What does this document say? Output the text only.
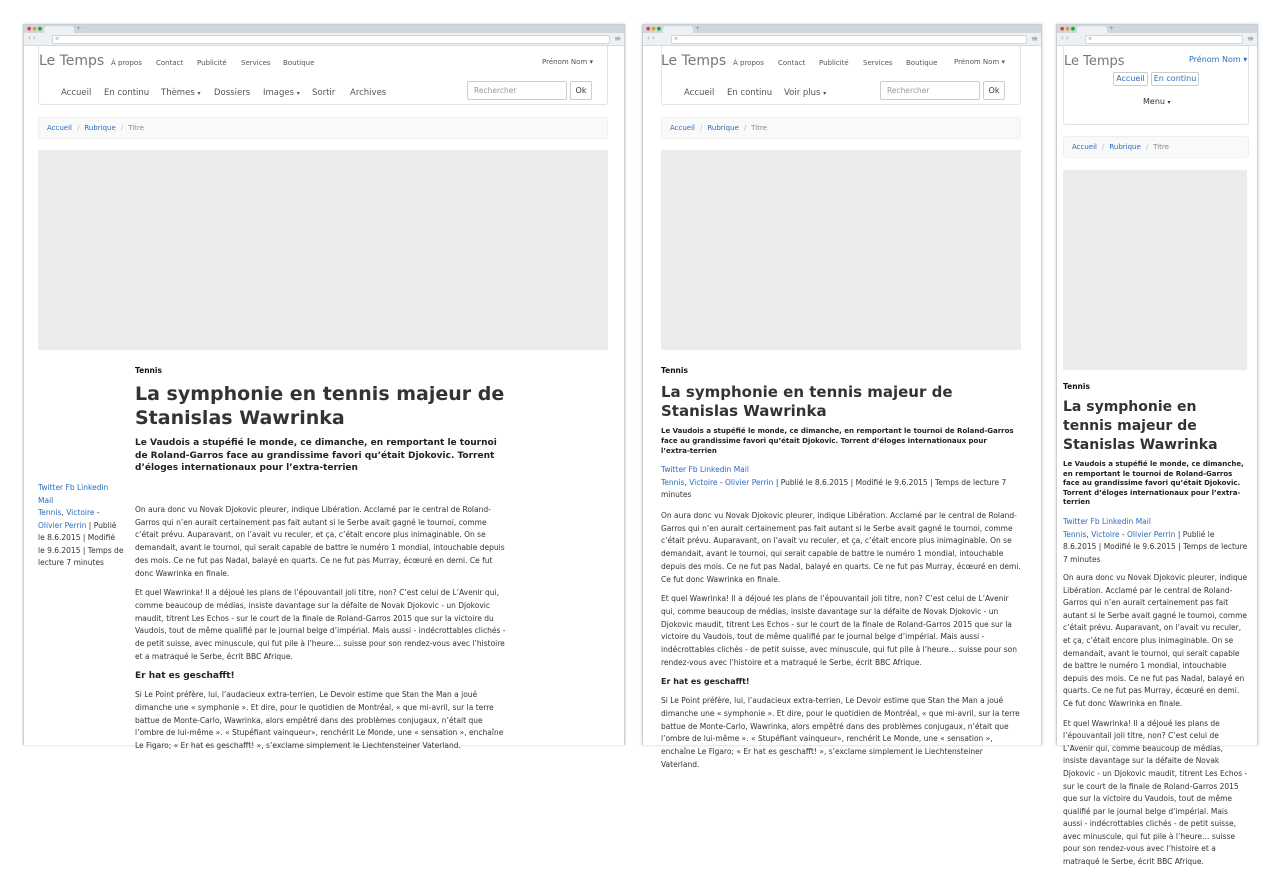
●●●	+
‹ ›	≡	≡
Le Temps À propos Contact Publicité Services Boutique	Prénom Nom ▾
Accueil En continu Thèmes ▾ Dossiers Images ▾ Sortir Archives	Rechercher	Ok
Accueil / Rubrique / Titre
Tennis
La symphonie en tennis majeur de Stanislas Wawrinka
Le Vaudois a stupéfié le monde, ce dimanche, en remportant le tournoi de Roland-Garros face au grandissime favori qu’était Djokovic. Torrent d’éloges internationaux pour l’extra-terrien
Twitter Fb Linkedin Mail
Tennis, Victoire - Olivier Perrin | Publié le 8.6.2015 | Modifié le 9.6.2015 | Temps de lecture 7 minutes

On aura donc vu Novak Djokovic pleurer, indique Libération. Acclamé par le central de Roland-Garros qui n’en aurait certainement pas fait autant si le Serbe avait gagné le tournoi, comme c’était prévu. Auparavant, on l’avait vu reculer, et ça, c’était encore plus inimaginable. On se demandait, avant le tournoi, qui serait capable de battre le numéro 1 mondial, intouchable depuis des mois. Ce ne fut pas Nadal, balayé en quarts. Ce ne fut pas Murray, écœuré en demi. Ce fut donc Wawrinka en finale.

Et quel Wawrinka! Il a déjoué les plans de l’épouvantail joli titre, non? C’est celui de L’Avenir qui, comme beaucoup de médias, insiste davantage sur la défaite de Novak Djokovic - un Djokovic maudit, titrent Les Echos - sur le court de la finale de Roland-Garros 2015 que sur la victoire du Vaudois, tout de même qualifié par le journal belge d’impérial. Mais aussi - indécrottables clichés - de petit suisse, avec minuscule, qui fut pile à l’heure… suisse pour son rendez-vous avec l’histoire et a matraqué le Serbe, écrit BBC Afrique.

Er hat es geschafft!

Si Le Point préfère, lui, l’audacieux extra-terrien, Le Devoir estime que Stan the Man a joué dimanche une « symphonie ». Et dire, pour le quotidien de Montréal, « que mi-avril, sur la terre battue de Monte-Carlo, Wawrinka, alors empêtré dans des problèmes conjugaux, n’était que l’ombre de lui-même ». « Stupéfiant vainqueur», renchérit Le Monde, une « sensation », enchaîne Le Figaro; « Er hat es geschafft! », s’exclame simplement le Liechtensteiner Vaterland.

●●●	+
‹ ›	≡	≡
Le Temps À propos Contact Publicité Services Boutique Prénom Nom ▾
Accueil En continu Voir plus ▾	Rechercher	Ok
Accueil / Rubrique / Titre
Tennis
La symphonie en tennis majeur de Stanislas Wawrinka
Le Vaudois a stupéfié le monde, ce dimanche, en remportant le tournoi de Roland-Garros face au grandissime favori qu’était Djokovic. Torrent d’éloges internationaux pour l’extra-terrien
Twitter Fb Linkedin Mail
Tennis, Victoire - Olivier Perrin | Publié le 8.6.2015 | Modifié le 9.6.2015 | Temps de lecture 7 minutes

On aura donc vu Novak Djokovic pleurer, indique Libération. Acclamé par le central de Roland-Garros qui n’en aurait certainement pas fait autant si le Serbe avait gagné le tournoi, comme c’était prévu. Auparavant, on l’avait vu reculer, et ça, c’était encore plus inimaginable. On se demandait, avant le tournoi, qui serait capable de battre le numéro 1 mondial, intouchable depuis des mois. Ce ne fut pas Nadal, balayé en quarts. Ce ne fut pas Murray, écœuré en demi. Ce fut donc Wawrinka en finale.

Et quel Wawrinka! Il a déjoué les plans de l’épouvantail joli titre, non? C’est celui de L’Avenir qui, comme beaucoup de médias, insiste davantage sur la défaite de Novak Djokovic - un Djokovic maudit, titrent Les Echos - sur le court de la finale de Roland-Garros 2015 que sur la victoire du Vaudois, tout de même qualifié par le journal belge d’impérial. Mais aussi - indécrottables clichés - de petit suisse, avec minuscule, qui fut pile à l’heure… suisse pour son rendez-vous avec l’histoire et a matraqué le Serbe, écrit BBC Afrique.

Er hat es geschafft!

Si Le Point préfère, lui, l’audacieux extra-terrien, Le Devoir estime que Stan the Man a joué dimanche une « symphonie ». Et dire, pour le quotidien de Montréal, « que mi-avril, sur la terre battue de Monte-Carlo, Wawrinka, alors empêtré dans des problèmes conjugaux, n’était que l’ombre de lui-même ». « Stupéfiant vainqueur», renchérit Le Monde, une « sensation », enchaîne Le Figaro; « Er hat es geschafft! », s’exclame simplement le Liechtensteiner Vaterland.

●●●	+
‹ ›	≡	≡
Le Temps	Prénom Nom ▾
Accueil	En continu
Menu ▾
Accueil / Rubrique / Titre
Tennis
La symphonie en tennis majeur de Stanislas Wawrinka
Le Vaudois a stupéfié le monde, ce dimanche, en remportant le tournoi de Roland-Garros face au grandissime favori qu’était Djokovic. Torrent d’éloges internationaux pour l’extra-terrien
Twitter Fb Linkedin Mail
Tennis, Victoire - Olivier Perrin | Publié le 8.6.2015 | Modifié le 9.6.2015 | Temps de lecture 7 minutes

On aura donc vu Novak Djokovic pleurer, indique Libération. Acclamé par le central de Roland-Garros qui n’en aurait certainement pas fait autant si le Serbe avait gagné le tournoi, comme c’était prévu. Auparavant, on l’avait vu reculer, et ça, c’était encore plus inimaginable. On se demandait, avant le tournoi, qui serait capable de battre le numéro 1 mondial, intouchable depuis des mois. Ce ne fut pas Nadal, balayé en quarts. Ce ne fut pas Murray, écœuré en demi. Ce fut donc Wawrinka en finale.

Et quel Wawrinka! Il a déjoué les plans de l’épouvantail joli titre, non? C’est celui de L’Avenir qui, comme beaucoup de médias, insiste davantage sur la défaite de Novak Djokovic - un Djokovic maudit, titrent Les Echos - sur le court de la finale de Roland-Garros 2015 que sur la victoire du Vaudois, tout de même qualifié par le journal belge d’impérial. Mais aussi - indécrottables clichés - de petit suisse, avec minuscule, qui fut pile à l’heure… suisse pour son rendez-vous avec l’histoire et a matraqué le Serbe, écrit BBC Afrique.
